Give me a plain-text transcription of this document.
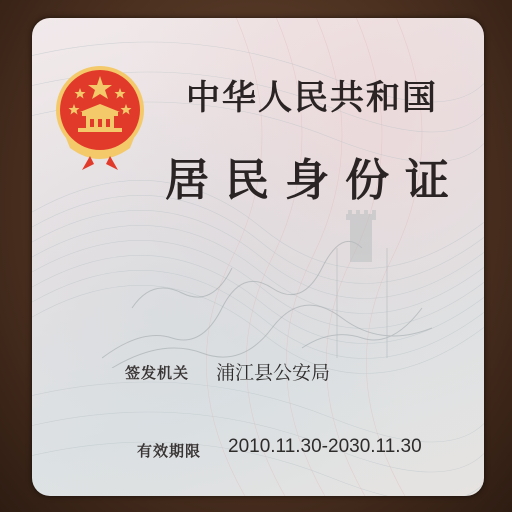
中华人民共和国
居民身份证
签发机关 浦江县公安局
有效期限 2010.11.30-2030.11.30
